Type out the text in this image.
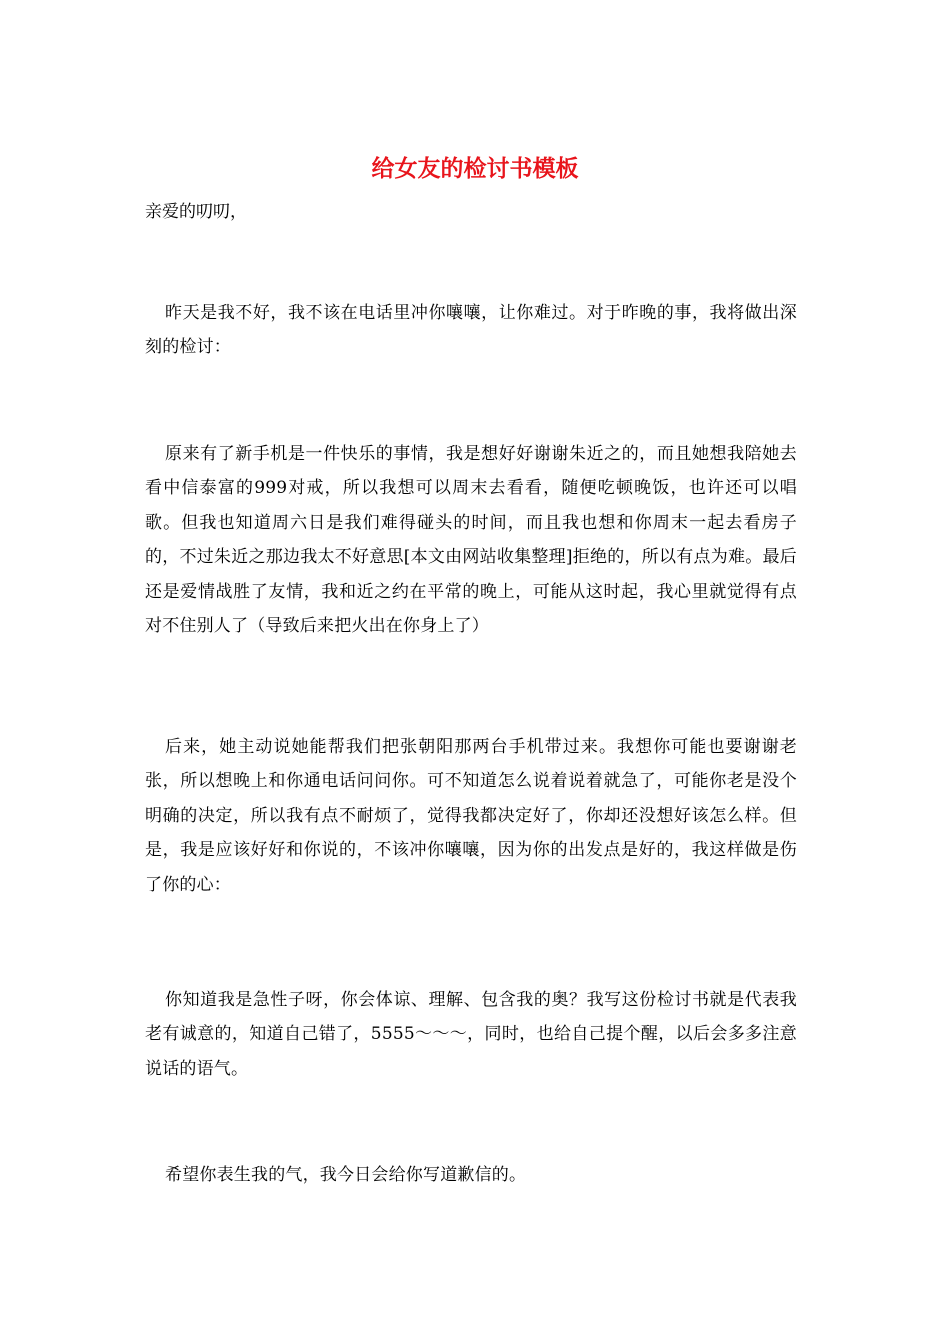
给女友的检讨书模板

亲爱的叨叨，

昨天是我不好，我不该在电话里冲你嚷嚷，让你难过。对于昨晚的事，我将做出深刻的检讨：

原来有了新手机是一件快乐的事情，我是想好好谢谢朱近之的，而且她想我陪她去看中信泰富的999对戒，所以我想可以周末去看看，随便吃顿晚饭，也许还可以唱歌。但我也知道周六日是我们难得碰头的时间，而且我也想和你周末一起去看房子的，不过朱近之那边我太不好意思[本文由网站收集整理]拒绝的，所以有点为难。最后还是爱情战胜了友情，我和近之约在平常的晚上，可能从这时起，我心里就觉得有点对不住别人了（导致后来把火出在你身上了）

后来，她主动说她能帮我们把张朝阳那两台手机带过来。我想你可能也要谢谢老张，所以想晚上和你通电话问问你。可不知道怎么说着说着就急了，可能你老是没个明确的决定，所以我有点不耐烦了，觉得我都决定好了，你却还没想好该怎么样。但是，我是应该好好和你说的，不该冲你嚷嚷，因为你的出发点是好的，我这样做是伤了你的心：

你知道我是急性子呀，你会体谅、理解、包含我的奥？我写这份检讨书就是代表我老有诚意的，知道自己错了，5555～～～，同时，也给自己提个醒，以后会多多注意说话的语气。

希望你表生我的气，我今日会给你写道歉信的。
